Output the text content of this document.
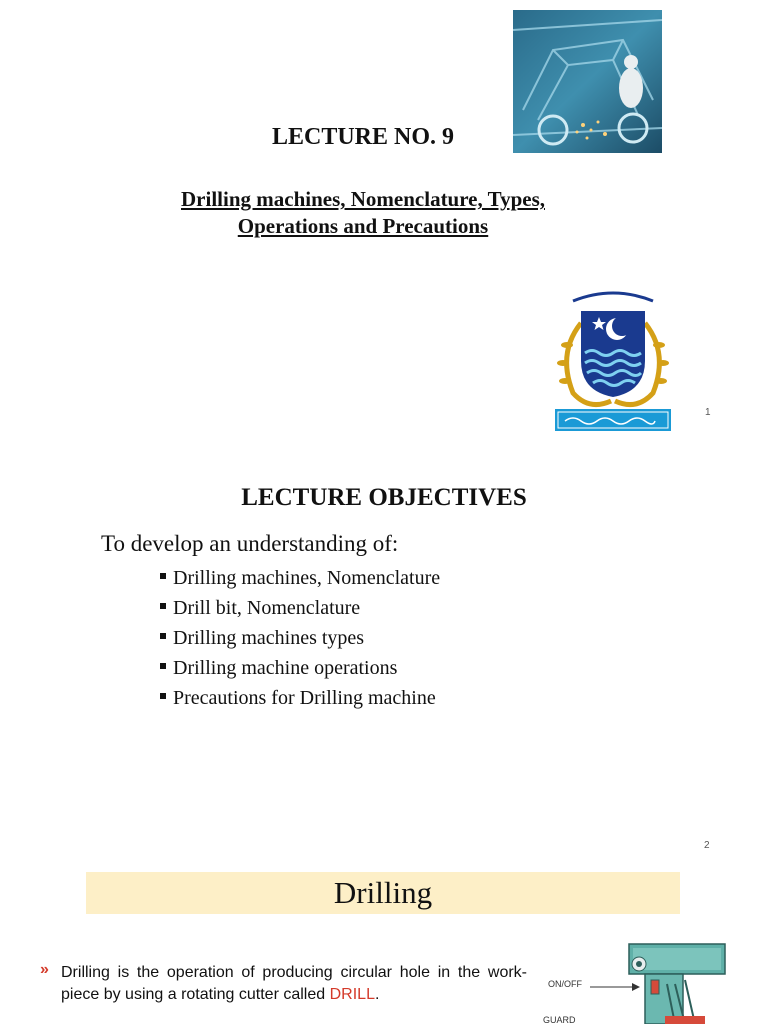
LECTURE NO. 9
Drilling machines, Nomenclature, Types,
Operations and Precautions
1
LECTURE OBJECTIVES
To develop an understanding of:
Drilling machines, Nomenclature
Drill bit, Nomenclature
Drilling machines types
Drilling machine operations
Precautions for Drilling machine
2
Drilling
» Drilling is the operation of producing circular hole in the work-piece by using a rotating cutter called DRILL.
ON/OFF
GUARD
